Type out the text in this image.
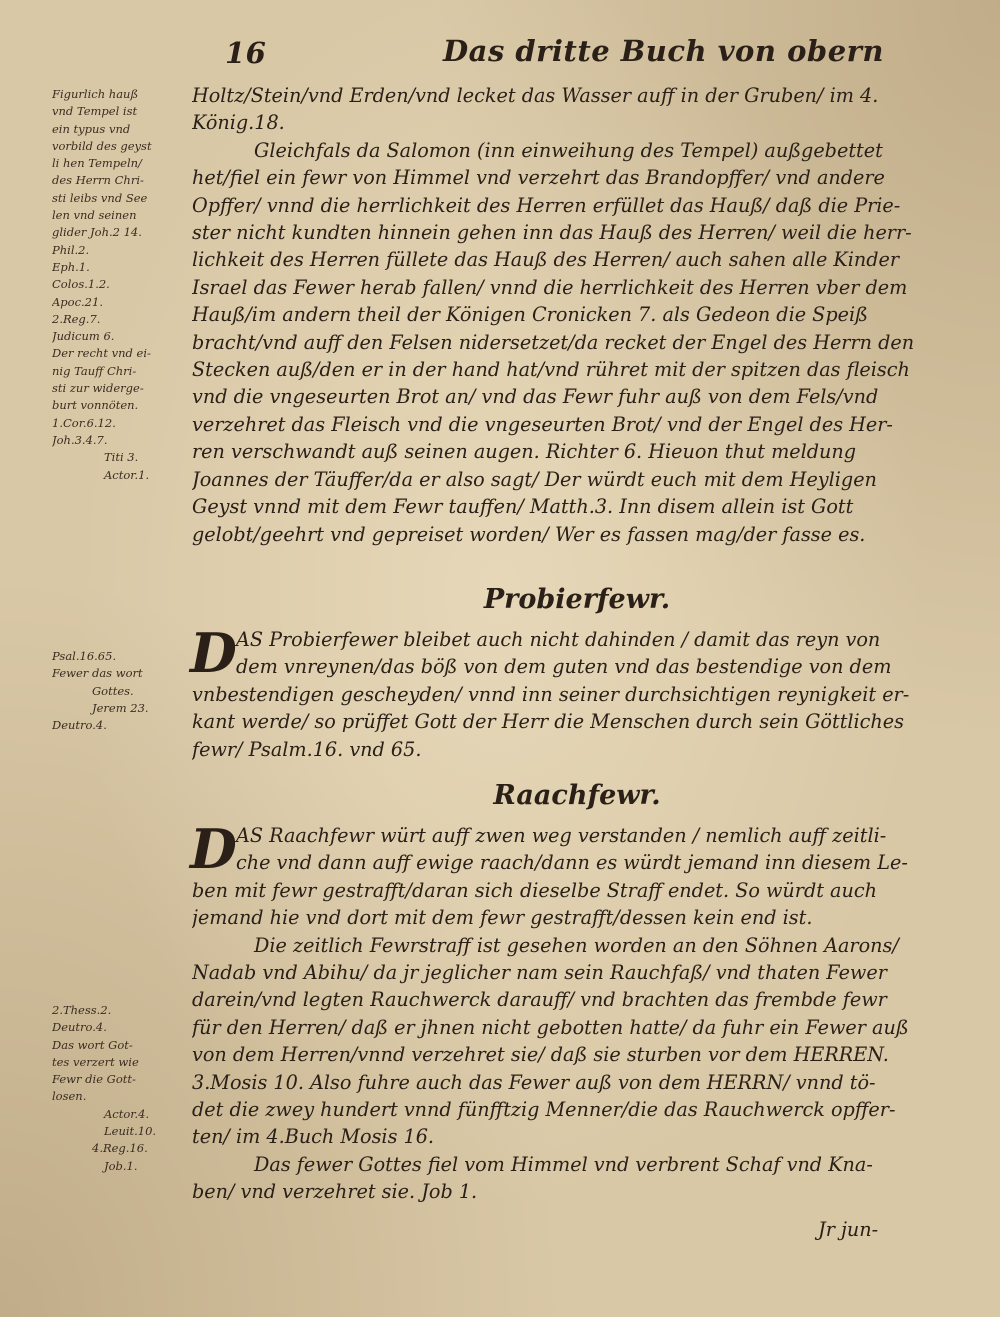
16	Das dritte Buch von obern
Figurlich hauß
vnd Tempel ist
ein typus vnd
vorbild des geyst
li hen Tempeln/
des Herrn Chri-
sti leibs vnd See
len vnd seinen
glider Joh.2 14.
Phil.2.
Eph.1.
Colos.1.2.
Apoc.21.
2.Reg.7.
Judicum 6.
Der recht vnd ei-
nig Tauff Chri-
sti zur widerge-
burt vonnöten.
1.Cor.6.12.
Joh.3.4.7.
Titi 3.
Actor.1.
Psal.16.65.
Fewer das wort
Gottes.
Jerem 23.
Deutro.4.
2.Thess.2.
Deutro.4.
Das wort Got-
tes verzert wie
Fewr die Gott-
losen.
Actor.4.
Leuit.10.
4.Reg.16.
Job.1.
Holtz/Stein/vnd Erden/vnd lecket das Wasser auff in der Gruben/ im 4.
König.18.
Gleichfals da Salomon (inn einweihung des Tempel) außgebettet
het/fiel ein fewr von Himmel vnd verzehrt das Brandopffer/ vnd andere
Opffer/ vnnd die herrlichkeit des Herren erfüllet das Hauß/ daß die Prie-
ster nicht kundten hinnein gehen inn das Hauß des Herren/ weil die herr-
lichkeit des Herren füllete das Hauß des Herren/ auch sahen alle Kinder
Israel das Fewer herab fallen/ vnnd die herrlichkeit des Herren vber dem
Hauß/im andern theil der Königen Cronicken 7. als Gedeon die Speiß
bracht/vnd auff den Felsen nidersetzet/da recket der Engel des Herrn den
Stecken auß/den er in der hand hat/vnd rühret mit der spitzen das fleisch
vnd die vngeseurten Brot an/ vnd das Fewr fuhr auß von dem Fels/vnd
verzehret das Fleisch vnd die vngeseurten Brot/ vnd der Engel des Her-
ren verschwandt auß seinen augen. Richter 6. Hieuon thut meldung
Joannes der Täuffer/da er also sagt/ Der würdt euch mit dem Heyligen
Geyst vnnd mit dem Fewr tauffen/ Matth.3. Inn disem allein ist Gott
gelobt/geehrt vnd gepreiset worden/ Wer es fassen mag/der fasse es.
Probierfewr.
D AS Probierfewer bleibet auch nicht dahinden / damit das reyn von
dem vnreynen/das böß von dem guten vnd das bestendige von dem
vnbestendigen gescheyden/ vnnd inn seiner durchsichtigen reynigkeit er-
kant werde/ so prüffet Gott der Herr die Menschen durch sein Göttliches
fewr/ Psalm.16. vnd 65.
Raachfewr.
D AS Raachfewr würt auff zwen weg verstanden / nemlich auff zeitli-
che vnd dann auff ewige raach/dann es würdt jemand inn diesem Le-
ben mit fewr gestrafft/daran sich dieselbe Straff endet. So würdt auch
jemand hie vnd dort mit dem fewr gestrafft/dessen kein end ist.
Die zeitlich Fewrstraff ist gesehen worden an den Söhnen Aarons/
Nadab vnd Abihu/ da jr jeglicher nam sein Rauchfaß/ vnd thaten Fewer
darein/vnd legten Rauchwerck darauff/ vnd brachten das frembde fewr
für den Herren/ daß er jhnen nicht gebotten hatte/ da fuhr ein Fewer auß
von dem Herren/vnnd verzehret sie/ daß sie sturben vor dem HERREN.
3.Mosis 10. Also fuhre auch das Fewer auß von dem HERRN/ vnnd tö-
det die zwey hundert vnnd fünfftzig Menner/die das Rauchwerck opffer-
ten/ im 4.Buch Mosis 16.
Das fewer Gottes fiel vom Himmel vnd verbrent Schaf vnd Kna-
ben/ vnd verzehret sie. Job 1.
Jr jun-
